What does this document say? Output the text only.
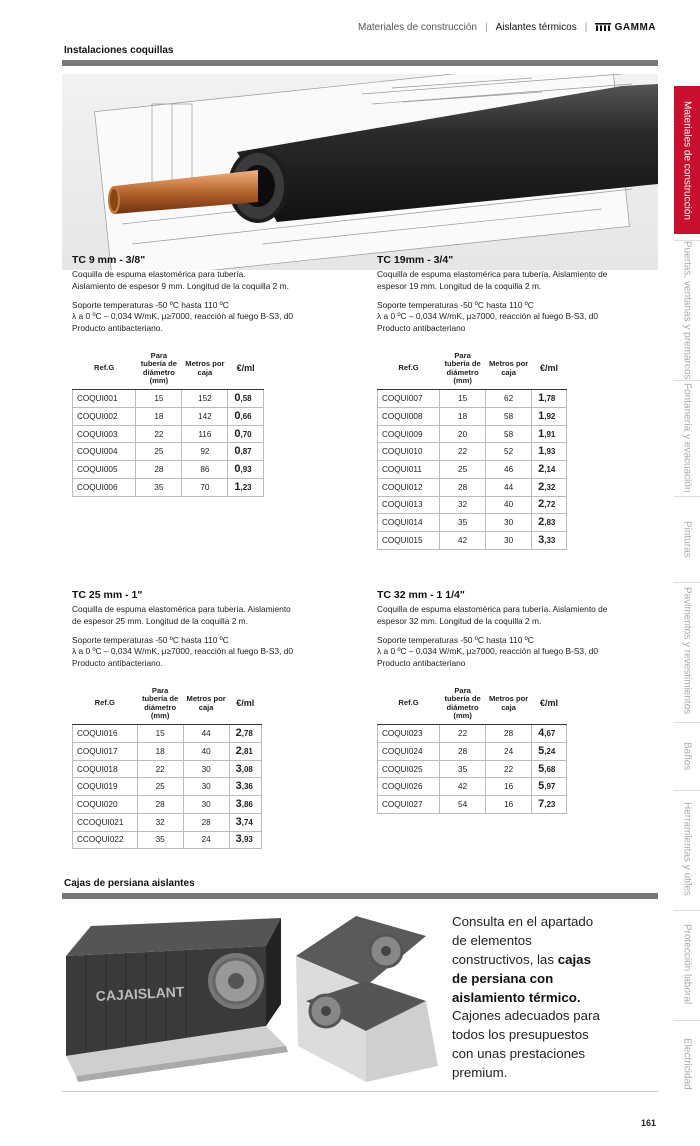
Materiales de construcción | Aislantes térmicos |	GAMMA
Instalaciones coquillas
TC 9 mm - 3/8"

Coquilla de espuma elastomérica para tubería.

Aislamiento de espesor 9 mm. Longitud de la coquilla 2 m.

Soporte temperaturas -50 ºC hasta 110 ºC

λ a 0 ºC – 0,034 W/mK, μ≥7000, reacción al fuego B-S3, d0

Producto antibacteriano.

Ref.G	Para tubería de diámetro (mm)	Metros por caja	€/ml
COQUI001	15	152	0,58
COQUI002	18	142	0,66
COQUI003	22	116	0,70
COQUI004	25	92	0,87
COQUI005	28	86	0,93
COQUI006	35	70	1,23
TC 19mm - 3/4"

Coquilla de espuma elastomérica para tubería. Aislamiento de

espesor 19 mm. Longitud de la coquilla 2 m.

Soporte temperaturas -50 ºC hasta 110 ºC

λ a 0 ºC – 0,034 W/mK, μ≥7000, reacción al fuego B-S3, d0

Producto antibacteriano

Ref.G	Para tubería de diámetro (mm)	Metros por caja	€/ml
COQUI007	15	62	1,78
COQUI008	18	58	1,92
COQUI009	20	58	1,91
COQUI010	22	52	1,93
COQUI011	25	46	2,14
COQUI012	28	44	2,32
COQUI013	32	40	2,72
COQUI014	35	30	2,83
COQUI015	42	30	3,33
TC 25 mm - 1"

Coquilla de espuma elastomérica para tubería. Aislamiento

de espesor 25 mm. Longitud de la coquilla 2 m.

Soporte temperaturas -50 ºC hasta 110 ºC

λ a 0 ºC – 0,034 W/mK, μ≥7000, reacción al fuego B-S3, d0

Producto antibacteriano.

Ref.G	Para tubería de diámetro (mm)	Metros por caja	€/ml
COQUI016	15	44	2,78
COQUI017	18	40	2,81
COQUI018	22	30	3,08
COQUI019	25	30	3,36
COQUI020	28	30	3,86
CCOQUI021	32	28	3,74
CCOQUI022	35	24	3,93
TC 32 mm - 1 1/4"

Coquilla de espuma elastomérica para tubería. Aislamiento de

espesor 32 mm. Longitud de la coquilla 2 m.

Soporte temperaturas -50 ºC hasta 110 ºC

λ a 0 ºC – 0,034 W/mK, μ≥7000, reacción al fuego B-S3, d0

Producto antibacteriano

Ref.G	Para tubería de diámetro (mm)	Metros por caja	€/ml
COQUI023	22	28	4,67
COQUI024	28	24	5,24
COQUI025	35	22	5,68
COQUI026	42	16	5,97
COQUI027	54	16	7,23
Cajas de persiana aislantes
CAJAISLANT
Consulta en el apartado de elementos constructivos, las cajas de persiana con aislamiento térmico. Cajones adecuados para todos los presupuestos con unas prestaciones premium.
161
Materiales de construcción
Puertas, ventanas y premarcos
Fontanería y evacuación
Pinturas
Pavimentos y revestimientos
Baños
Herramientas y útiles
Protección laboral
Electricidad
